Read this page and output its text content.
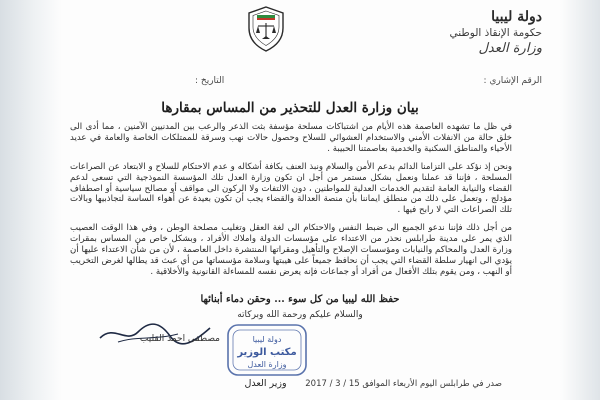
دولة ليبيا
حكومة الإنقاذ الوطني
وزارة العدل
الرقم الإشاري :
التاريخ :
بيان وزارة العدل للتحذير من المساس بمقارها

في ظل ما تشهده العاصمة هذه الأيام من اشتباكات مسلحة مؤسفة بثت الذعر والرعب بين المدنيين الآمنين ، مما أدى الى خلق حالة من الانفلات الأمني والاستخدام العشوائي للسلاح وحصول حالات نهب وسرقة للممتلكات الخاصة والعامة في عديد الأحياء والمناطق السكنية والخدمية بعاصمتنا الحبيبة .

ونحن إذ نؤكد على التزامنا الدائم بدعم الأمن والسلام ونبذ العنف بكافة أشكاله و عدم الاحتكام للسلاح و الابتعاد عن الصراعات المسلحة ، فإننا قد عملنا ونعمل بشكل مستمر من أجل ان تكون وزارة العدل تلك المؤسسة النموذجية التي تسعى لدعم القضاء والنيابة العامة لتقديم الخدمات العدلية للمواطنين ، دون الالتفات ولا الركون الى مواقف أو مصالح سياسية أو اصطفاف مؤدلج ، وتعمل على ذلك من منطلق ايماننا بأن منصة العدالة والقضاء يجب أن تكون بعيدة عن أهواء الساسة لتجاذبيها وبالات تلك الصراعات التي لا رابح فيها .

من أجل ذلك فإننا ندعو الجميع الى ضبط النفس والاحتكام الى لغة العقل وتغليب مصلحة الوطن ، وفي هذا الوقت العصيب الذي يمر على مدينة طرابلس نحذر من الاعتداء على مؤسسات الدولة واملاك الأفراد ، وبشكل خاص من المساس بمقرات وزارة العدل والمحاكم والنيابات ومؤسسات الإصلاح والتأهيل ومقراتها المنتشرة داخل العاصمة ، لأن من شأن الاعتداء عليها أن يؤدي الى انهيار سلطة القضاء التي يجب أن نحافظ جميعاً على هيبتها وسلامة مؤسساتها من أي عبث قد يطالها لغرض التخريب أو النهب ، ومن يقوم بتلك الأفعال من أفراد أو جماعات فإنه يعرض نفسه للمساءلة القانونية والأخلاقية .

حفظ الله ليبيا من كل سوء ... وحقن دماء أبنائها
والسلام عليكم ورحمة الله وبركاته
مصطفى احمد القليب	دولة ليبيا
مكتب الوزير
وزارة العدل
صدر في طرابلس اليوم الأربعاء الموافق 15 / 3 / 2017 وزير العدل
